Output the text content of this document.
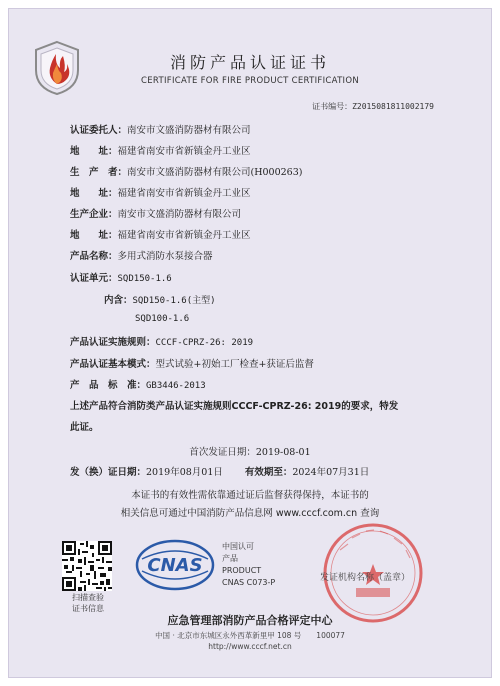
消防产品认证证书
CERTIFICATE FOR FIRE PRODUCT CERTIFICATION
证书编号：Z2015081811002179
认证委托人：南安市文盛消防器材有限公司
地　　址：福建省南安市省新镇金丹工业区
生　产　者：南安市文盛消防器材有限公司(H000263)
地　　址：福建省南安市省新镇金丹工业区
生产企业：南安市文盛消防器材有限公司
地　　址：福建省南安市省新镇金丹工业区
产品名称：多用式消防水泵接合器
认证单元：SQD150-1.6
内含：SQD150-1.6(主型)
SQD100-1.6
产品认证实施规则：CCCF-CPRZ-26: 2019
产品认证基本模式：型式试验+初始工厂检查+获证后监督
产　品　标　准：GB3446-2013
上述产品符合消防类产品认证实施规则CCCF-CPRZ-26: 2019的要求，特发
此证。
首次发证日期：2019-08-01
发（换）证日期：2019年08月01日 有效期至：2024年07月31日
本证书的有效性需依靠通过证后监督获得保持，本证书的
相关信息可通过中国消防产品信息网 www.cccf.com.cn 查询
扫描查验
证书信息
CNAS
中国认可
产品
PRODUCT
CNAS C073-P	发证机构名称（盖章）
应急管理部消防产品合格评定中心
中国 · 北京市东城区永外西革新里甲 108 号　　100077
http://www.cccf.net.cn
